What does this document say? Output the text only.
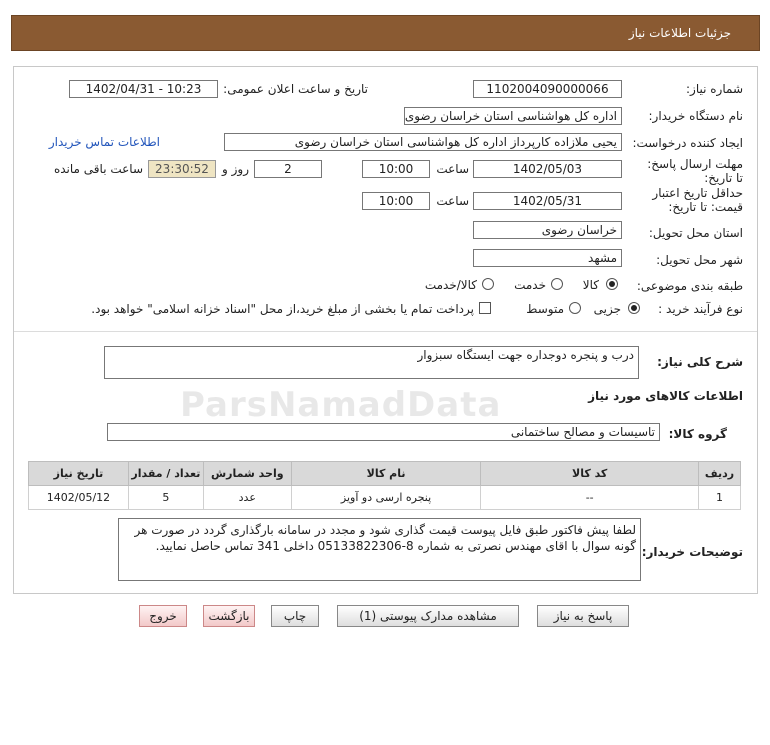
جزئیات اطلاعات نیاز
شماره نیاز:
1102004090000066
تاریخ و ساعت اعلان عمومی:
1402/04/31 - 10:23
نام دستگاه خریدار:
اداره کل هواشناسی استان خراسان رضوی
ایجاد کننده درخواست:
یحیی ملازاده کارپرداز اداره کل هواشناسی استان خراسان رضوی
اطلاعات تماس خریدار
مهلت ارسال پاسخ: تا تاریخ:
1402/05/03
ساعت
10:00
2
روز و
23:30:52
ساعت باقی مانده
حداقل تاریخ اعتبار قیمت: تا تاریخ:
1402/05/31
ساعت
10:00
استان محل تحویل:
خراسان رضوی
شهر محل تحویل:
مشهد
طبقه بندی موضوعی:
کالا
خدمت
کالا/خدمت
نوع فرآیند خرید :
جزیی
متوسط
پرداخت تمام یا بخشی از مبلغ خرید،از محل "اسناد خزانه اسلامی" خواهد بود.
شرح کلی نیاز:
درب و پنجره دوجداره جهت ایستگاه سبزوار
اطلاعات کالاهای مورد نیاز
گروه کالا:
تاسیسات و مصالح ساختمانی
تاریخ نیاز	تعداد / مقدار	واحد شمارش	نام کالا	کد کالا	ردیف
1402/05/12	5	عدد	پنجره ارسی دو آویز	--	1
توضیحات خریدار:
لطفا پیش فاکتور طبق فایل پیوست قیمت گذاری شود و مجدد در سامانه بارگذاری گردد در صورت هر گونه سوال با اقای مهندس نصرتی به شماره 8-05133822306 داخلی 341 تماس حاصل نمایید.
پاسخ به نیاز
مشاهده مدارک پیوستی (1)
چاپ
بازگشت
خروج
